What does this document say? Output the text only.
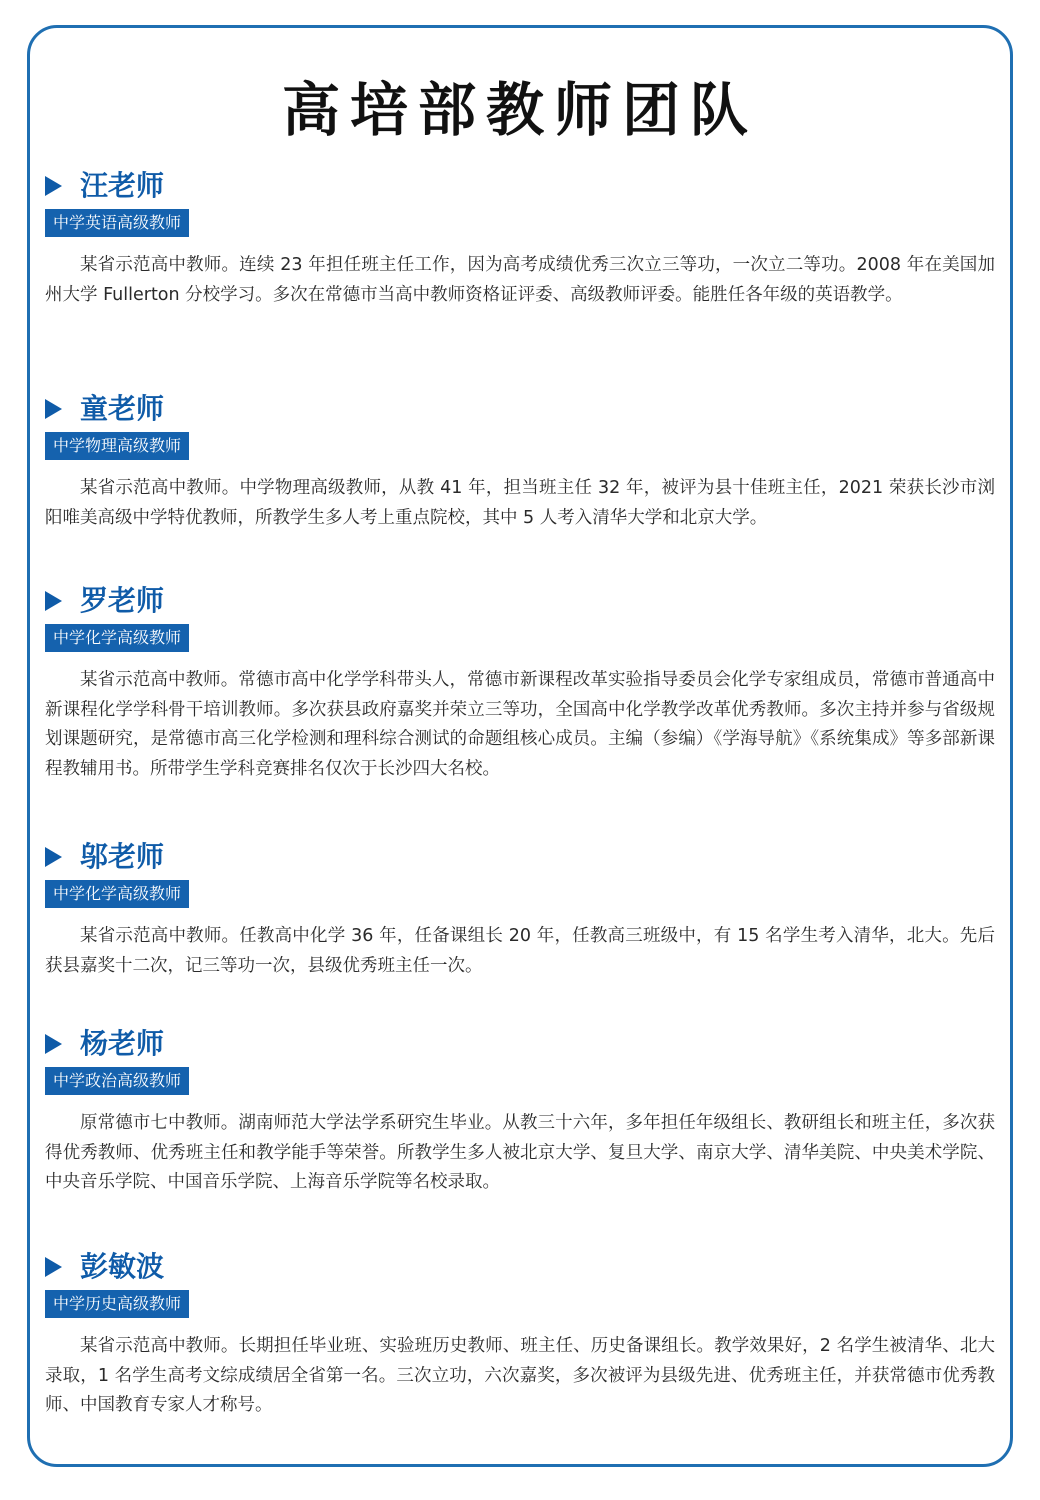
高培部教师团队
汪老师
中学英语高级教师

某省示范高中教师。连续 23 年担任班主任工作，因为高考成绩优秀三次立三等功，一次立二等功。2008 年在美国加州大学 Fullerton 分校学习。多次在常德市当高中教师资格证评委、高级教师评委。能胜任各年级的英语教学。

童老师
中学物理高级教师

某省示范高中教师。中学物理高级教师，从教 41 年，担当班主任 32 年，被评为县十佳班主任，2021 荣获长沙市浏阳唯美高级中学特优教师，所教学生多人考上重点院校，其中 5 人考入清华大学和北京大学。

罗老师
中学化学高级教师

某省示范高中教师。常德市高中化学学科带头人，常德市新课程改革实验指导委员会化学专家组成员，常德市普通高中新课程化学学科骨干培训教师。多次获县政府嘉奖并荣立三等功，全国高中化学教学改革优秀教师。多次主持并参与省级规划课题研究，是常德市高三化学检测和理科综合测试的命题组核心成员。主编（参编）《学海导航》《系统集成》等多部新课程教辅用书。所带学生学科竞赛排名仅次于长沙四大名校。

邬老师
中学化学高级教师

某省示范高中教师。任教高中化学 36 年，任备课组长 20 年，任教高三班级中，有 15 名学生考入清华，北大。先后获县嘉奖十二次，记三等功一次，县级优秀班主任一次。

杨老师
中学政治高级教师

原常德市七中教师。湖南师范大学法学系研究生毕业。从教三十六年，多年担任年级组长、教研组长和班主任，多次获得优秀教师、优秀班主任和教学能手等荣誉。所教学生多人被北京大学、复旦大学、南京大学、清华美院、中央美术学院、中央音乐学院、中国音乐学院、上海音乐学院等名校录取。

彭敏波
中学历史高级教师

某省示范高中教师。长期担任毕业班、实验班历史教师、班主任、历史备课组长。教学效果好，2 名学生被清华、北大录取，1 名学生高考文综成绩居全省第一名。三次立功，六次嘉奖，多次被评为县级先进、优秀班主任，并获常德市优秀教师、中国教育专家人才称号。
